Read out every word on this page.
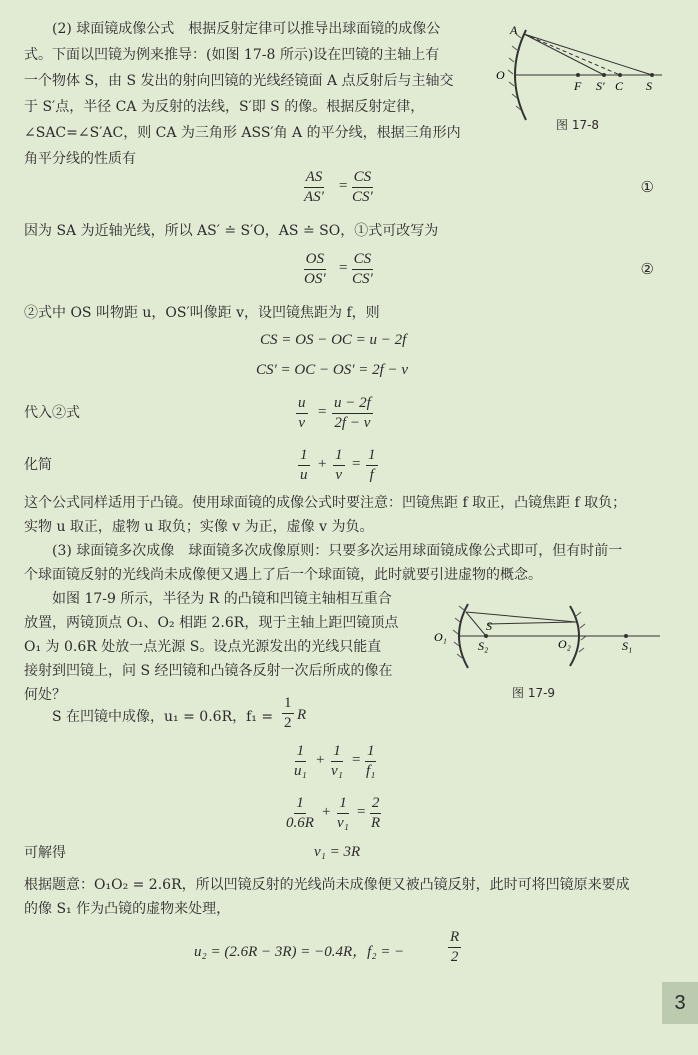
(2) 球面镜成像公式　根据反射定律可以推导出球面镜的成像公
式。下面以凹镜为例来推导：(如图 17-8 所示)设在凹镜的主轴上有
一个物体 S，由 S 发出的射向凹镜的光线经镜面 A 点反射后与主轴交
于 S′点，半径 CA 为反射的法线，S′即 S 的像。根据反射定律，
∠SAC=∠S′AC，则 CA 为三角形 ASS′角 A 的平分线，根据三角形内
角平分线的性质有
A
O
F S′ C S
图 17-8
$\frac{AS}{AS'} = \frac{CS}{CS'}$	①
因为 SA 为近轴光线，所以 AS′ ≐ S′O，AS ≐ SO，①式可改写为
$\frac{OS}{OS'} = \frac{CS}{CS'}$	②
②式中 OS 叫物距 u，OS′叫像距 v，设凹镜焦距为 f，则
CS = OS − OC = u − 2f
CS′ = OC − OS′ = 2f − v
代入②式	$\frac{u}{v} = \frac{u - 2f}{2f - v}$
化简	$\frac{1}{u} + \frac{1}{v} = \frac{1}{f}$
这个公式同样适用于凸镜。使用球面镜的成像公式时要注意：凹镜焦距 f 取正，凸镜焦距 f 取负；
实物 u 取正，虚物 u 取负；实像 v 为正，虚像 v 为负。
(3) 球面镜多次成像　球面镜多次成像原则：只要多次运用球面镜成像公式即可，但有时前一
个球面镜反射的光线尚未成像便又遇上了后一个球面镜，此时就要引进虚物的概念。
如图 17-9 所示，半径为 R 的凸镜和凹镜主轴相互重合
放置，两镜顶点 O₁、O₂ 相距 2.6R，现于主轴上距凹镜顶点
O₁ 为 0.6R 处放一点光源 S。设点光源发出的光线只能直
接射到凹镜上，问 S 经凹镜和凸镜各反射一次后所成的像在
何处？
O₁
S
S₂	O₂	S₁
图 17-9
S 在凹镜中成像，u₁ = 0.6R，$f_1 = \frac{1}{2}$ R
$\frac{1}{\text{u₁}} + \frac{1}{\text{v₁}} = \frac{1}{\text{f₁}}$
$\frac{1}{0.6R} + \frac{1}{\text{v₁}} = \frac{2}{R}$
可解得	v₁ = 3R
根据题意：O₁O₂ = 2.6R，所以凹镜反射的光线尚未成像便又被凸镜反射，此时可将凹镜原来要成
的像 S₁ 作为凸镜的虚物来处理，
u₂ = (2.6R − 3R) = −0.4R，f₂ = −	$\frac{R}{2}$
3
